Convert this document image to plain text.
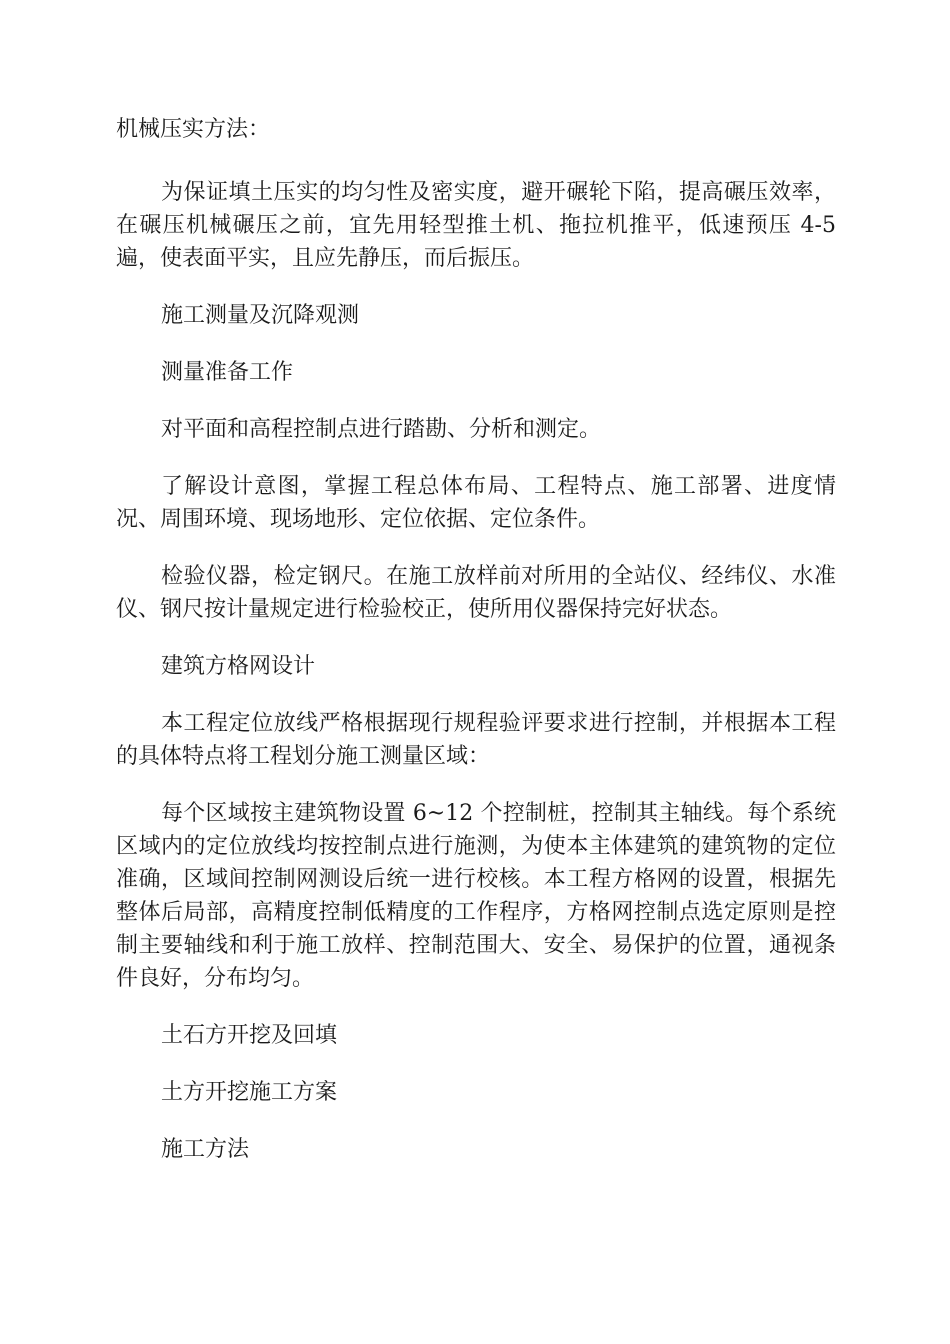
机械压实方法：

为保证填土压实的均匀性及密实度，避开碾轮下陷，提高碾压效率，在碾压机械碾压之前，宜先用轻型推土机、拖拉机推平，低速预压 4-5 遍，使表面平实，且应先静压，而后振压。

施工测量及沉降观测

测量准备工作

对平面和高程控制点进行踏勘、分析和测定。

了解设计意图，掌握工程总体布局、工程特点、施工部署、进度情况、周围环境、现场地形、定位依据、定位条件。

检验仪器，检定钢尺。在施工放样前对所用的全站仪、经纬仪、水准仪、钢尺按计量规定进行检验校正，使所用仪器保持完好状态。

建筑方格网设计

本工程定位放线严格根据现行规程验评要求进行控制，并根据本工程的具体特点将工程划分施工测量区域：

每个区域按主建筑物设置 6~12 个控制桩，控制其主轴线。每个系统区域内的定位放线均按控制点进行施测，为使本主体建筑的建筑物的定位准确，区域间控制网测设后统一进行校核。本工程方格网的设置，根据先整体后局部，高精度控制低精度的工作程序，方格网控制点选定原则是控制主要轴线和利于施工放样、控制范围大、安全、易保护的位置，通视条件良好，分布均匀。

土石方开挖及回填

土方开挖施工方案

施工方法
